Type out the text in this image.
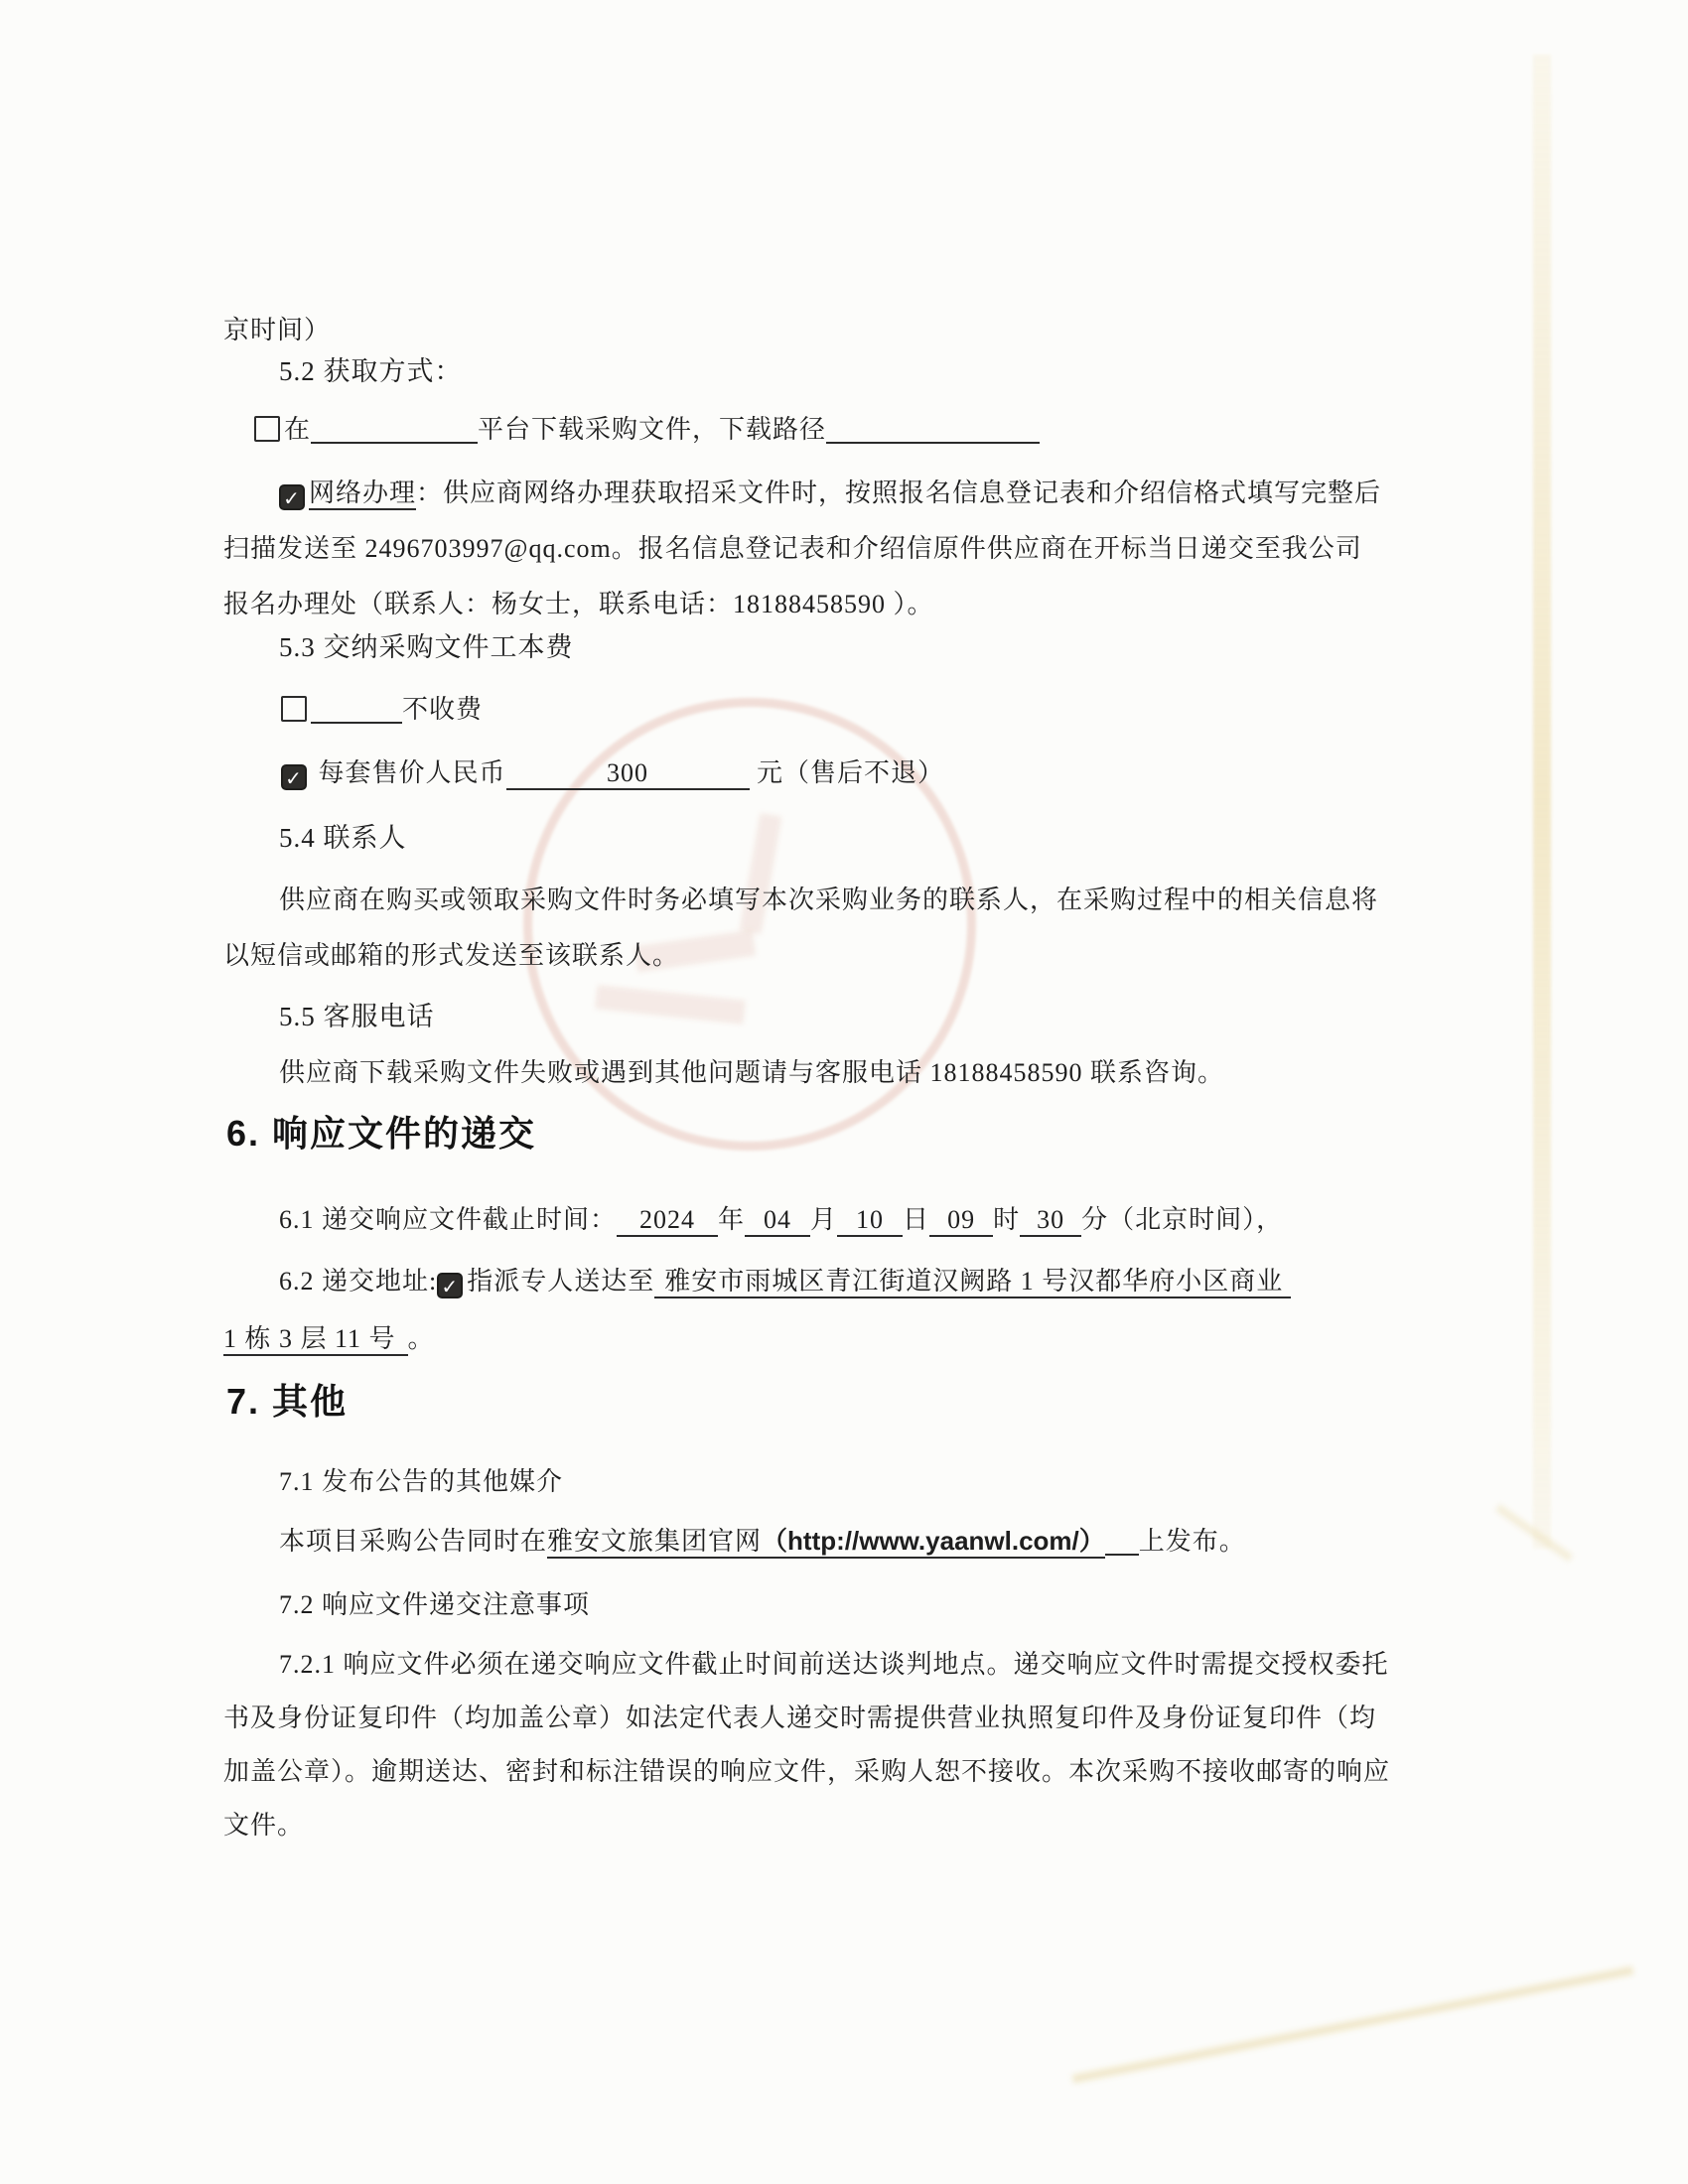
京时间）
5.2 获取方式：
在	平台下载采购文件，下载路径
✓ 网络办理：供应商网络办理获取招采文件时，按照报名信息登记表和介绍信格式填写完整后
扫描发送至 2496703997@qq.com。报名信息登记表和介绍信原件供应商在开标当日递交至我公司
报名办理处（联系人：杨女士，联系电话：18188458590 ）。
5.3 交纳采购文件工本费
不收费
✓ 每套售价人民币	300	元（售后不退）
5.4 联系人
供应商在购买或领取采购文件时务必填写本次采购业务的联系人，在采购过程中的相关信息将
以短信或邮箱的形式发送至该联系人。
5.5 客服电话
供应商下载采购文件失败或遇到其他问题请与客服电话 18188458590 联系咨询。
6. 响应文件的递交
6.1 递交响应文件截止时间： 2024 年 04 月 10 日 09 时 30 分（北京时间），
6.2 递交地址: ✓ 指派专人送达至 雅安市雨城区青江街道汉阙路 1 号汉都华府小区商业
1 栋 3 层 11 号 。
7. 其他
7.1 发布公告的其他媒介
本项目采购公告同时在雅安文旅集团官网（http://www.yaanwl.com/） 上发布。
7.2 响应文件递交注意事项
7.2.1 响应文件必须在递交响应文件截止时间前送达谈判地点。递交响应文件时需提交授权委托
书及身份证复印件（均加盖公章）如法定代表人递交时需提供营业执照复印件及身份证复印件（均
加盖公章）。逾期送达、密封和标注错误的响应文件，采购人恕不接收。本次采购不接收邮寄的响应
文件。
